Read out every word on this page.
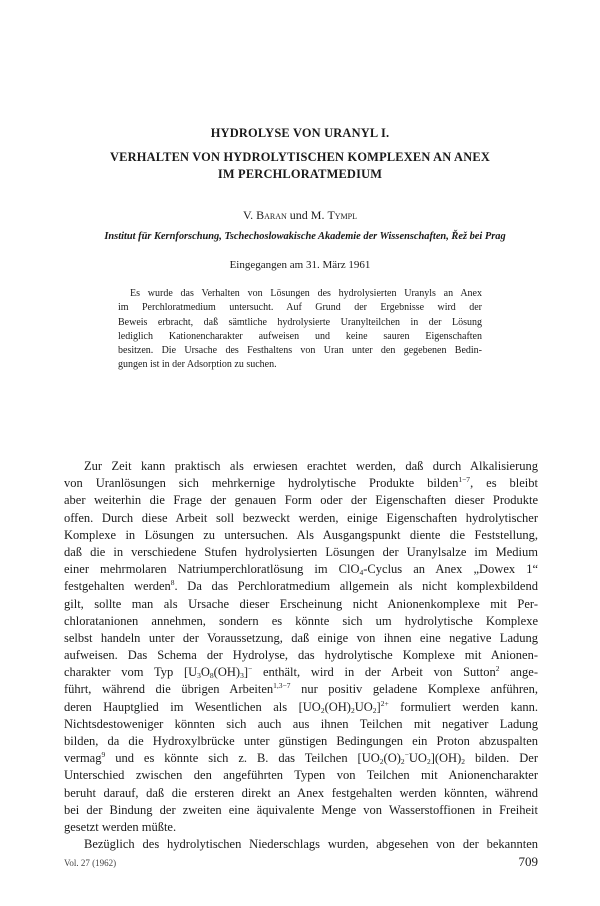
HYDROLYSE VON URANYL I.
VERHALTEN VON HYDROLYTISCHEN KOMPLEXEN AN ANEX
IM PERCHLORATMEDIUM
V. Baran und M. Tympl
Institut für Kernforschung, Tschechoslowakische Akademie der Wissenschaften, Řež bei Prag
Eingegangen am 31. März 1961
Es wurde das Verhalten von Lösungen des hydrolysierten Uranyls an Anex
im Perchloratmedium untersucht. Auf Grund der Ergebnisse wird der
Beweis erbracht, daß sämtliche hydrolysierte Uranylteilchen in der Lösung
lediglich Kationencharakter aufweisen und keine sauren Eigenschaften
besitzen. Die Ursache des Festhaltens von Uran unter den gegebenen Bedin-
gungen ist in der Adsorption zu suchen.
Zur Zeit kann praktisch als erwiesen erachtet werden, daß durch Alkalisierung
von Uranlösungen sich mehrkernige hydrolytische Produkte bilden$^{1-7}$, es bleibt
aber weiterhin die Frage der genauen Form oder der Eigenschaften dieser Produkte
offen. Durch diese Arbeit soll bezweckt werden, einige Eigenschaften hydrolytischer
Komplexe in Lösungen zu untersuchen. Als Ausgangspunkt diente die Feststellung,
daß die in verschiedene Stufen hydrolysierten Lösungen der Uranylsalze im Medium
einer mehrmolaren Natriumperchloratlösung im ClO$_4$-Cyclus an Anex „Dowex 1“
festgehalten werden$^8$. Da das Perchloratmedium allgemein als nicht komplexbildend
gilt, sollte man als Ursache dieser Erscheinung nicht Anionenkomplexe mit Per-
chloratanionen annehmen, sondern es könnte sich um hydrolytische Komplexe
selbst handeln unter der Voraussetzung, daß einige von ihnen eine negative Ladung
aufweisen. Das Schema der Hydrolyse, das hydrolytische Komplexe mit Anionen-
charakter vom Typ $[U_3O_8(OH)_3]^-$ enthält, wird in der Arbeit von Sutton$^2$ ange-
führt, während die übrigen Arbeiten$^{1,3-7}$ nur positiv geladene Komplexe anführen,
deren Hauptglied im Wesentlichen als $[UO_2(OH)_2UO_2]^{2+}$ formuliert werden kann.
Nichtsdestoweniger könnten sich auch aus ihnen Teilchen mit negativer Ladung
bilden, da die Hydroxylbrücke unter günstigen Bedingungen ein Proton abzuspalten
vermag$^9$ und es könnte sich z. B. das Teilchen $[UO_2(O)_2^-UO_2](OH)_2$ bilden. Der
Unterschied zwischen den angeführten Typen von Teilchen mit Anionencharakter
beruht darauf, daß die ersteren direkt an Anex festgehalten werden könnten, während
bei der Bindung der zweiten eine äquivalente Menge von Wasserstoffionen in Freiheit
gesetzt werden müßte.
Bezüglich des hydrolytischen Niederschlags wurden, abgesehen von der bekannten
Vol. 27 (1962)	709
